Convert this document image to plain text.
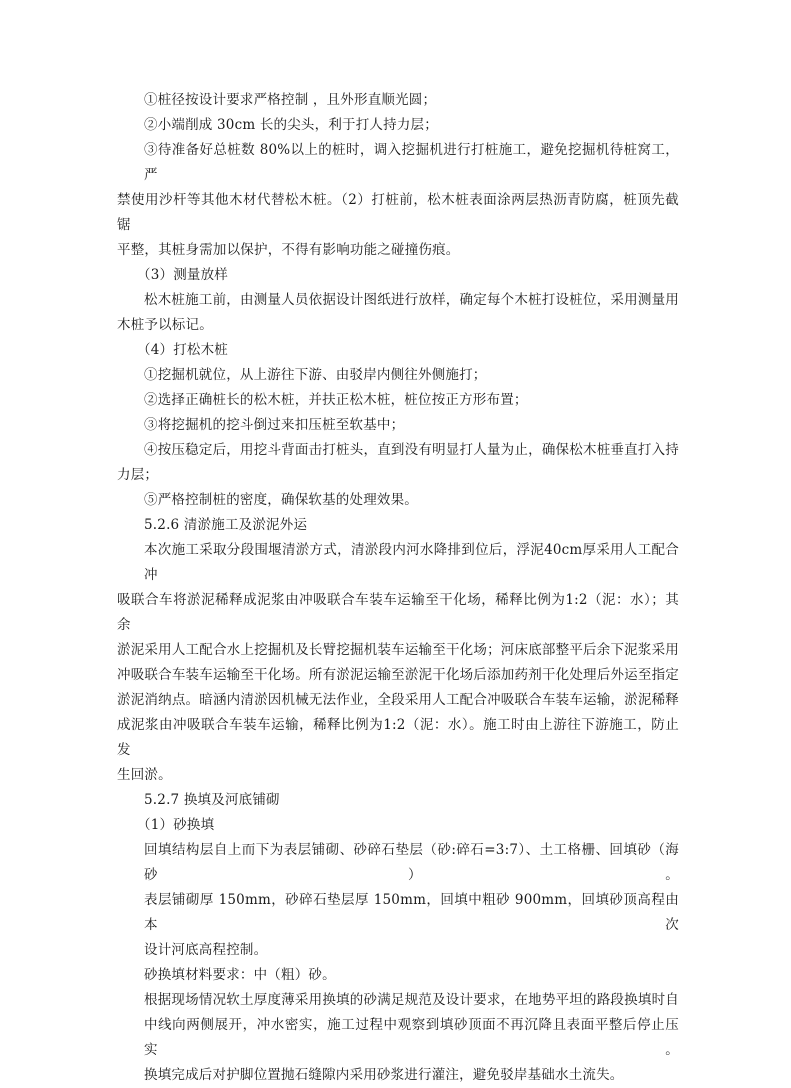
①桩径按设计要求严格控制 ，且外形直顺光圆；
②小端削成 30cm 长的尖头，利于打人持力层；
③待准备好总桩数 80%以上的桩时，调入挖掘机进行打桩施工，避免挖掘机待桩窝工，严
禁使用沙杆等其他木材代替松木桩。（2）打桩前，松木桩表面涂两层热沥青防腐，桩顶先截锯
平整，其桩身需加以保护，不得有影响功能之碰撞伤痕。
（3）测量放样
松木桩施工前，由测量人员依据设计图纸进行放样，确定每个木桩打设桩位，采用测量用
木桩予以标记。
（4）打松木桩
①挖掘机就位，从上游往下游、由驳岸内侧往外侧施打；
②选择正确桩长的松木桩，并扶正松木桩，桩位按正方形布置；
③将挖掘机的挖斗倒过来扣压桩至软基中；
④按压稳定后，用挖斗背面击打桩头，直到没有明显打人量为止，确保松木桩垂直打入持
力层；
⑤严格控制桩的密度，确保软基的处理效果。
5.2.6 清淤施工及淤泥外运
本次施工采取分段围堰清淤方式，清淤段内河水降排到位后，浮泥40cm厚采用人工配合冲
吸联合车将淤泥稀释成泥浆由冲吸联合车装车运输至干化场，稀释比例为1:2（泥：水）；其余
淤泥采用人工配合水上挖掘机及长臂挖掘机装车运输至干化场；河床底部整平后余下泥浆采用
冲吸联合车装车运输至干化场。所有淤泥运输至淤泥干化场后添加药剂干化处理后外运至指定
淤泥消纳点。暗涵内清淤因机械无法作业，全段采用人工配合冲吸联合车装车运输，淤泥稀释
成泥浆由冲吸联合车装车运输，稀释比例为1:2（泥：水）。施工时由上游往下游施工，防止发
生回淤。
5.2.7 换填及河底铺砌
（1）砂换填
回填结构层自上而下为表层铺砌、砂碎石垫层（砂:碎石=3:7）、土工格栅、回填砂（海砂）。
表层铺砌厚 150mm，砂碎石垫层厚 150mm，回填中粗砂 900mm，回填砂顶高程由本次
设计河底高程控制。
砂换填材料要求：中（粗）砂。
根据现场情况软土厚度薄采用换填的砂满足规范及设计要求，在地势平坦的路段换填时自
中线向两侧展开，冲水密实，施工过程中观察到填砂顶面不再沉降且表面平整后停止压实。
换填完成后对护脚位置抛石缝隙内采用砂浆进行灌注，避免驳岸基础水土流失。
